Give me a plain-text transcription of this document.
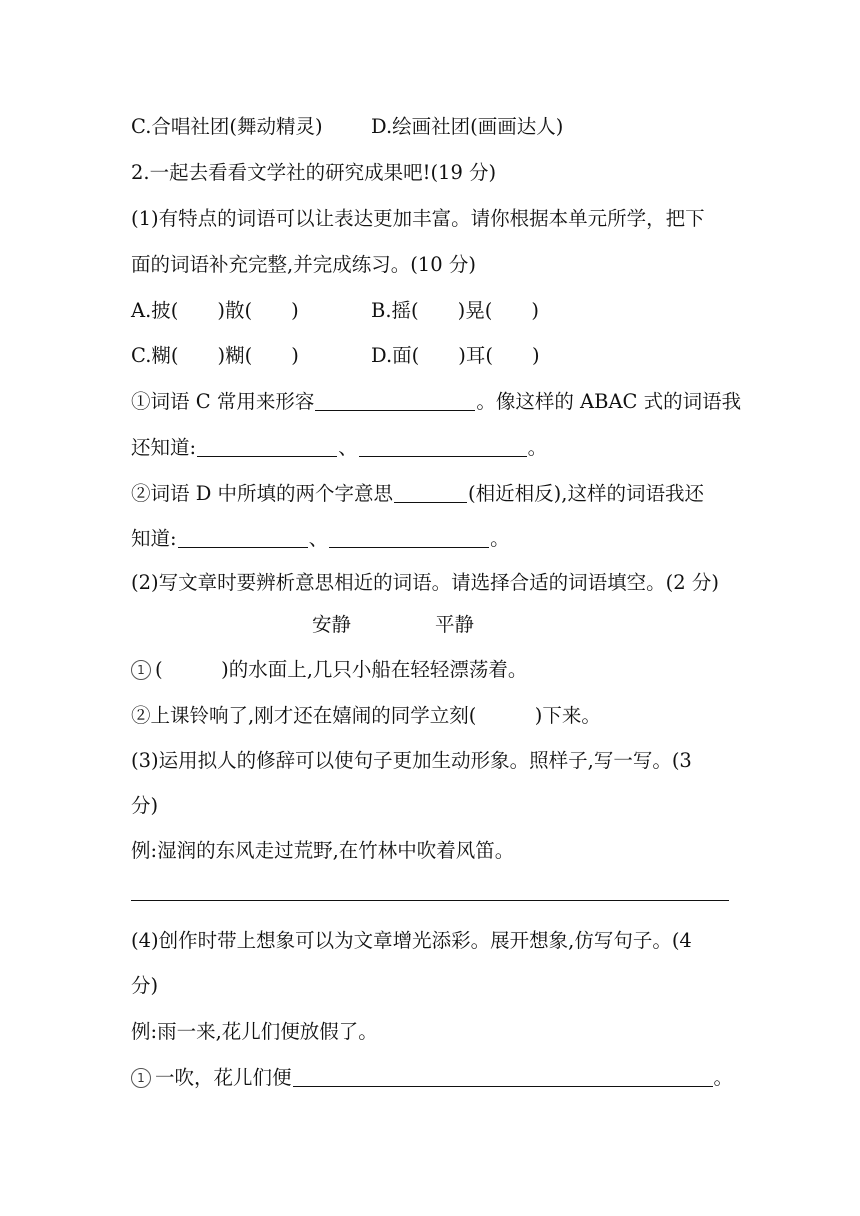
C.合唱社团(舞动精灵) D.绘画社团(画画达人)
2.一起去看看文学社的研究成果吧!(19 分)
(1)有特点的词语可以让表达更加丰富。请你根据本单元所学，把下
面的词语补充完整,并完成练习。(10 分)
A.披(　　)散(　　)	B.摇(　　)晃(　　)
C.糊(　　)糊(　　)	D.面(　　)耳(　　)
①词语 C 常用来形容	。像这样的 ABAC 式的词语我
还知道:	、	。
②词语 D 中所填的两个字意思	(相近相反),这样的词语我还
知道:	、	。
(2)写文章时要辨析意思相近的词语。请选择合适的词语填空。(2 分)
安静	平静
1 (　　　)的水面上,几只小船在轻轻漂荡着。
②上课铃响了,刚才还在嬉闹的同学立刻(　　　)下来。
(3)运用拟人的修辞可以使句子更加生动形象。照样子,写一写。(3
分)
例:湿润的东风走过荒野,在竹林中吹着风笛。
(4)创作时带上想象可以为文章增光添彩。展开想象,仿写句子。(4
分)
例:雨一来,花儿们便放假了。
1 一吹，花儿们便	。
